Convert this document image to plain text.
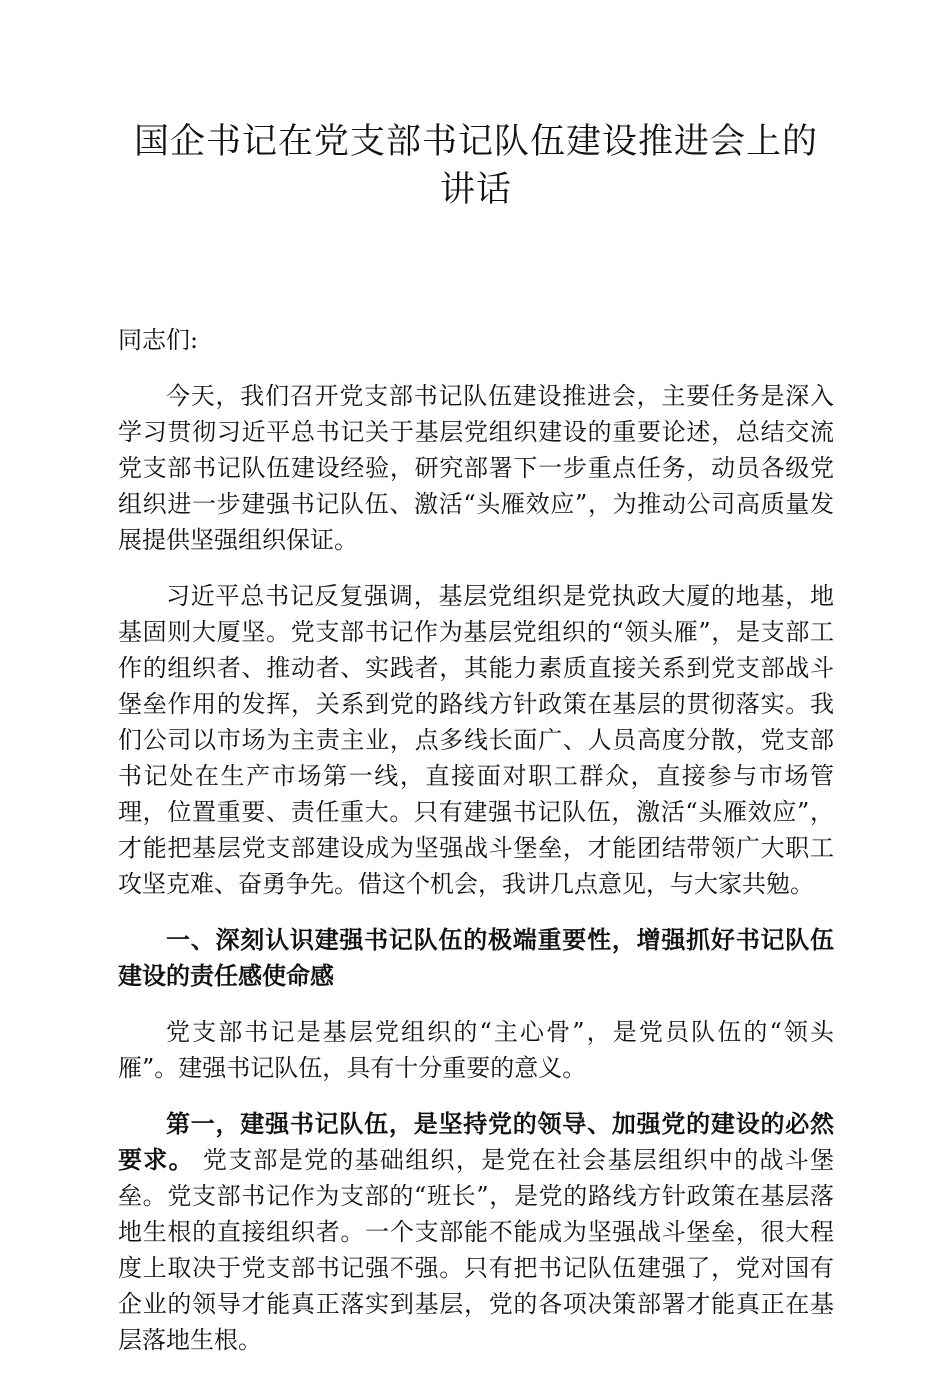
国企书记在党支部书记队伍建设推进会上的讲话

同志们:

今天，我们召开党支部书记队伍建设推进会，主要任务是深入学习贯彻习近平总书记关于基层党组织建设的重要论述，总结交流党支部书记队伍建设经验，研究部署下一步重点任务，动员各级党组织进一步建强书记队伍、激活“头雁效应”，为推动公司高质量发展提供坚强组织保证。

习近平总书记反复强调，基层党组织是党执政大厦的地基，地基固则大厦坚。党支部书记作为基层党组织的“领头雁”，是支部工作的组织者、推动者、实践者，其能力素质直接关系到党支部战斗堡垒作用的发挥，关系到党的路线方针政策在基层的贯彻落实。我们公司以市场为主责主业，点多线长面广、人员高度分散，党支部书记处在生产市场第一线，直接面对职工群众，直接参与市场管理，位置重要、责任重大。只有建强书记队伍，激活“头雁效应”，才能把基层党支部建设成为坚强战斗堡垒，才能团结带领广大职工攻坚克难、奋勇争先。借这个机会，我讲几点意见，与大家共勉。

一、深刻认识建强书记队伍的极端重要性，增强抓好书记队伍建设的责任感使命感

党支部书记是基层党组织的“主心骨”，是党员队伍的“领头雁”。建强书记队伍，具有十分重要的意义。

第一，建强书记队伍，是坚持党的领导、加强党的建设的必然要求。 党支部是党的基础组织，是党在社会基层组织中的战斗堡垒。党支部书记作为支部的“班长”，是党的路线方针政策在基层落地生根的直接组织者。一个支部能不能成为坚强战斗堡垒，很大程度上取决于党支部书记强不强。只有把书记队伍建强了，党对国有企业的领导才能真正落实到基层，党的各项决策部署才能真正在基层落地生根。
